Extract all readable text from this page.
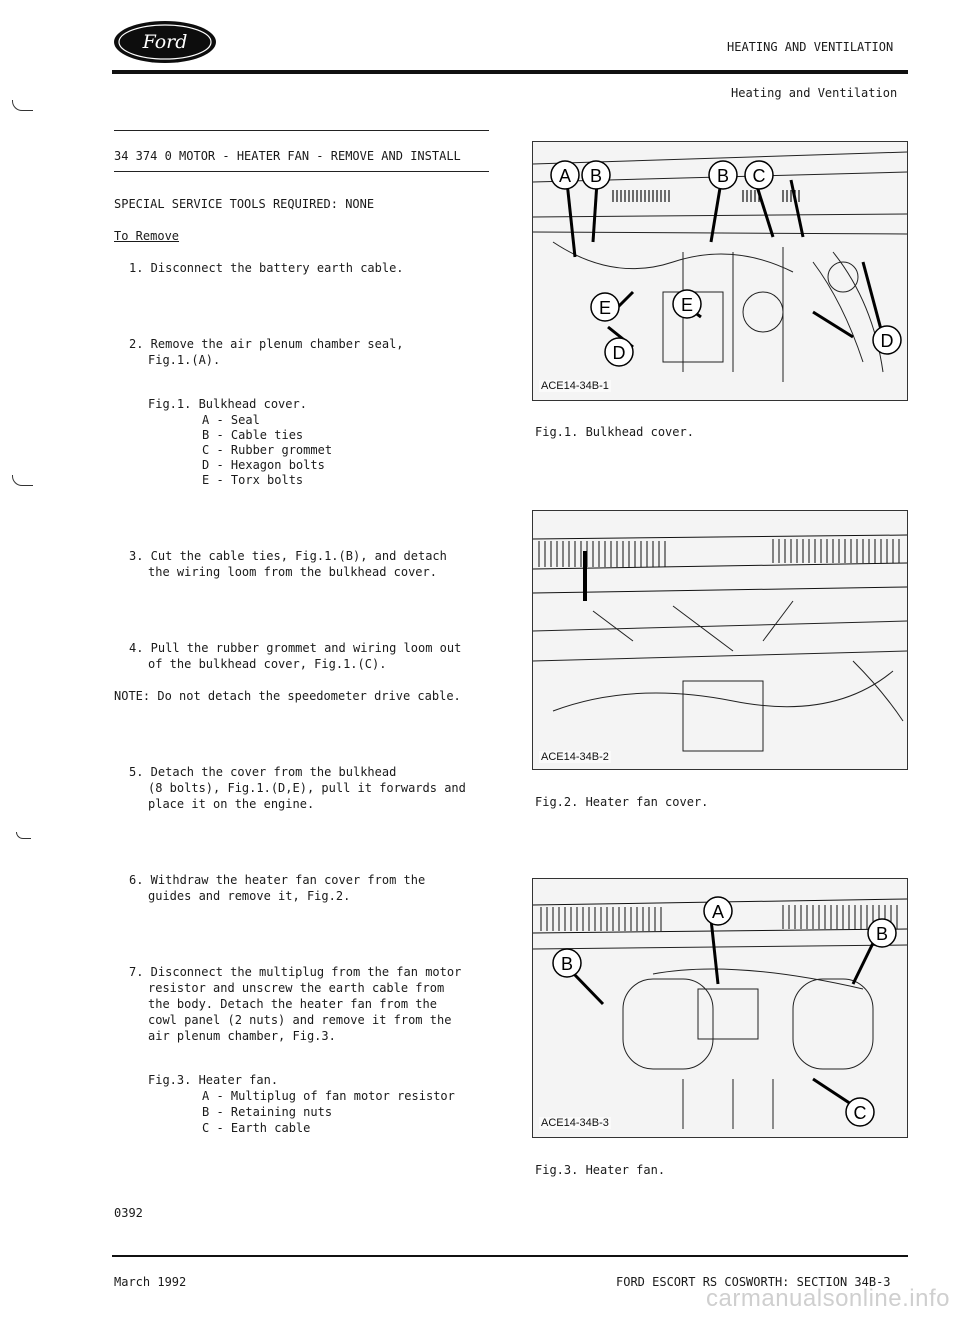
Ford	HEATING AND VENTILATION
Heating and Ventilation
34 374 0 MOTOR - HEATER FAN - REMOVE AND INSTALL
SPECIAL SERVICE TOOLS REQUIRED: NONE
To Remove
1. Disconnect the battery earth cable.
2. Remove the air plenum chamber seal,
Fig.1.(A).
Fig.1. Bulkhead cover.
A - Seal
B - Cable ties
C - Rubber grommet
D - Hexagon bolts
E - Torx bolts
3. Cut the cable ties, Fig.1.(B), and detach
the wiring loom from the bulkhead cover.
4. Pull the rubber grommet and wiring loom out
of the bulkhead cover, Fig.1.(C).
NOTE: Do not detach the speedometer drive cable.
5. Detach the cover from the bulkhead
(8 bolts), Fig.1.(D,E), pull it forwards and
place it on the engine.
6. Withdraw the heater fan cover from the
guides and remove it, Fig.2.
7. Disconnect the multiplug from the fan motor
resistor and unscrew the earth cable from
the body. Detach the heater fan from the
cowl panel (2 nuts) and remove it from the
air plenum chamber, Fig.3.
Fig.3. Heater fan.
A - Multiplug of fan motor resistor
B - Retaining nuts
C - Earth cable
A B	B C
E	E
D
D
ACE14-34B-1
Fig.1. Bulkhead cover.
ACE14-34B-2
Fig.2. Heater fan cover.
A
B
B
C
ACE14-34B-3
Fig.3. Heater fan.
0392
March 1992	FORD ESCORT RS COSWORTH: SECTION 34B-3
carmanualsonline.info
